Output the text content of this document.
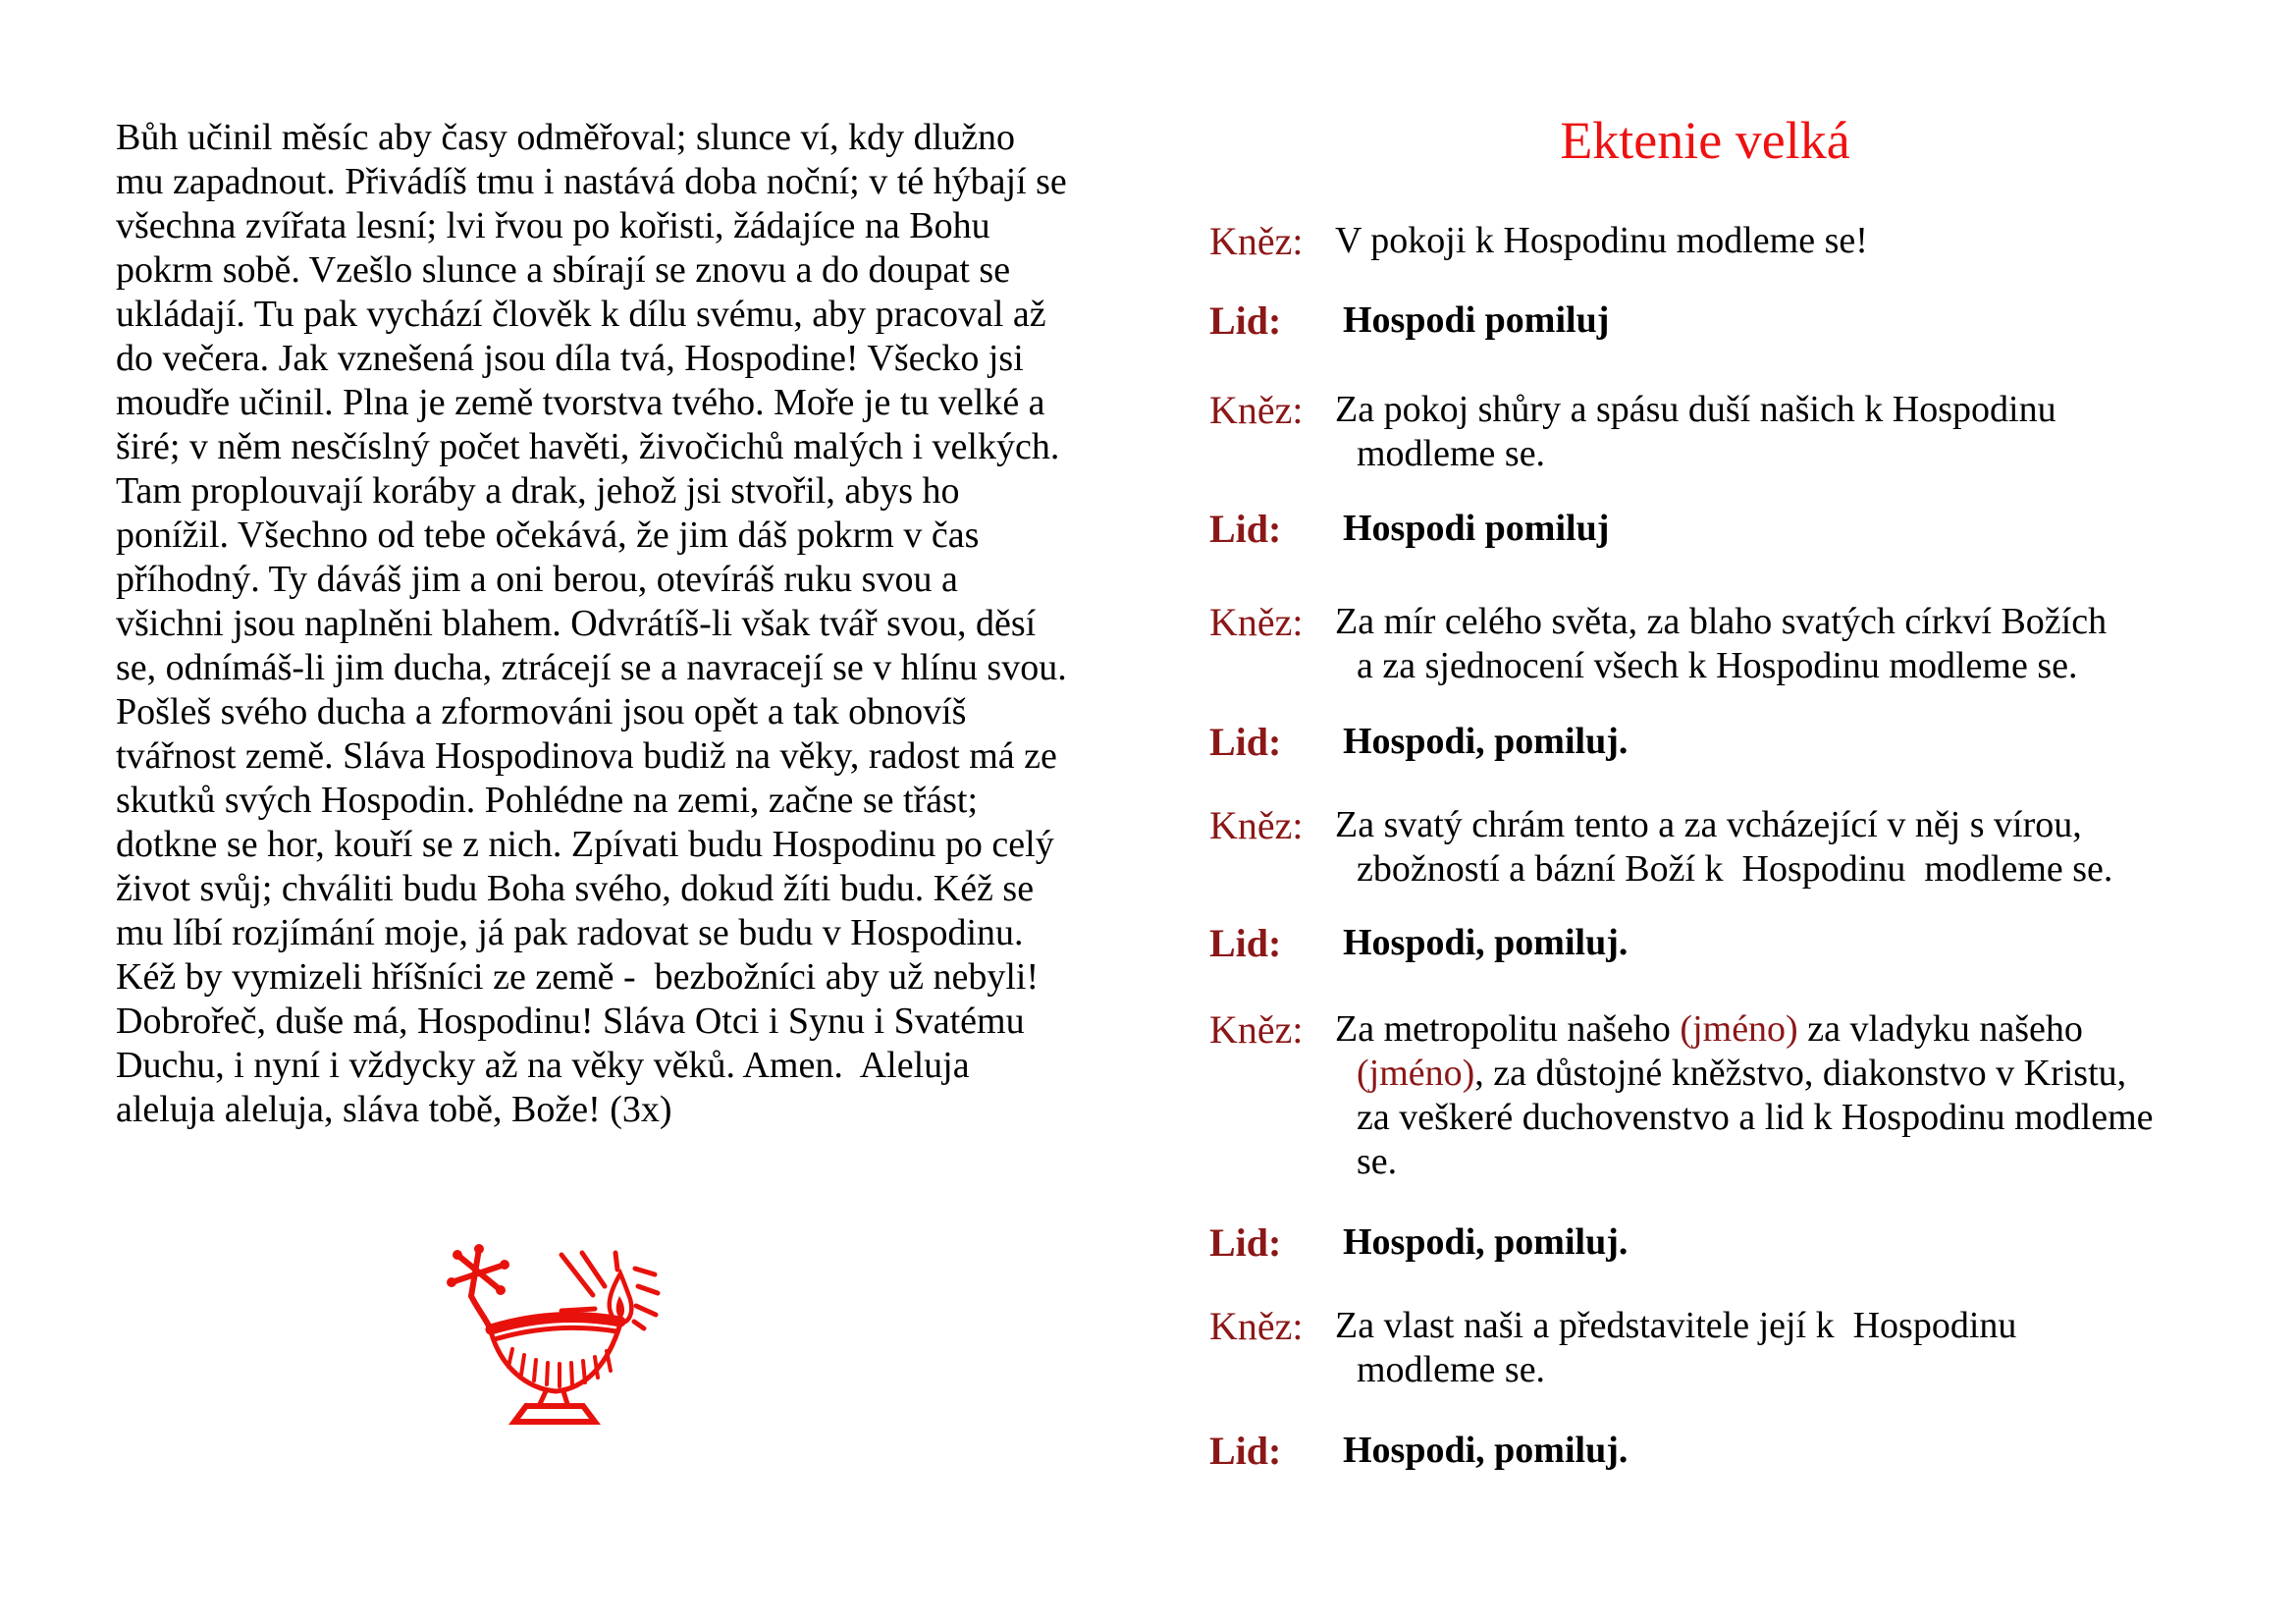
Bůh učinil měsíc aby časy odměřoval; slunce ví, kdy dlužno
mu zapadnout. Přivádíš tmu i nastává doba noční; v té hýbají se
všechna zvířata lesní; lvi řvou po kořisti, žádajíce na Bohu
pokrm sobě. Vzešlo slunce a sbírají se znovu a do doupat se
ukládají. Tu pak vychází člověk k dílu svému, aby pracoval až
do večera. Jak vznešená jsou díla tvá, Hospodine! Všecko jsi
moudře učinil. Plna je země tvorstva tvého. Moře je tu velké a
širé; v něm nesčíslný počet havěti, živočichů malých i velkých.
Tam proplouvají koráby a drak, jehož jsi stvořil, abys ho
ponížil. Všechno od tebe očekává, že jim dáš pokrm v čas
příhodný. Ty dáváš jim a oni berou, otevíráš ruku svou a
všichni jsou naplněni blahem. Odvrátíš-li však tvář svou, děsí
se, odnímáš-li jim ducha, ztrácejí se a navracejí se v hlínu svou.
Pošleš svého ducha a zformováni jsou opět a tak obnovíš
tvářnost země. Sláva Hospodinova budiž na věky, radost má ze
skutků svých Hospodin. Pohlédne na zemi, začne se třást;
dotkne se hor, kouří se z nich. Zpívati budu Hospodinu po celý
život svůj; chváliti budu Boha svého, dokud žíti budu. Kéž se
mu líbí rozjímání moje, já pak radovat se budu v Hospodinu.
Kéž by vymizeli hříšníci ze země -  bezbožníci aby už nebyli!
Dobrořeč, duše má, Hospodinu! Sláva Otci i Synu i Svatému
Duchu, i nyní i vždycky až na věky věků. Amen.  Aleluja
aleluja aleluja, sláva tobě, Bože! (3x)
Ektenie velká
Kněz: V pokoji k Hospodinu modleme se!
Lid:	Hospodi pomiluj
Kněz: Za pokoj shůry a spásu duší našich k Hospodinu
modleme se.
Lid:	Hospodi pomiluj
Kněz: Za mír celého světa, za blaho svatých církví Božích
a za sjednocení všech k Hospodinu modleme se.
Lid:	Hospodi, pomiluj.
Kněz: Za svatý chrám tento a za vcházející v něj s vírou,
zbožností a bázní Boží k  Hospodinu  modleme se.
Lid:	Hospodi, pomiluj.
Kněz: Za metropolitu našeho (jméno) za vladyku našeho
(jméno), za důstojné kněžstvo, diakonstvo v Kristu,
za veškeré duchovenstvo a lid k Hospodinu modleme
se.
Lid:	Hospodi, pomiluj.
Kněz: Za vlast naši a představitele její k  Hospodinu
modleme se.
Lid:	Hospodi, pomiluj.
